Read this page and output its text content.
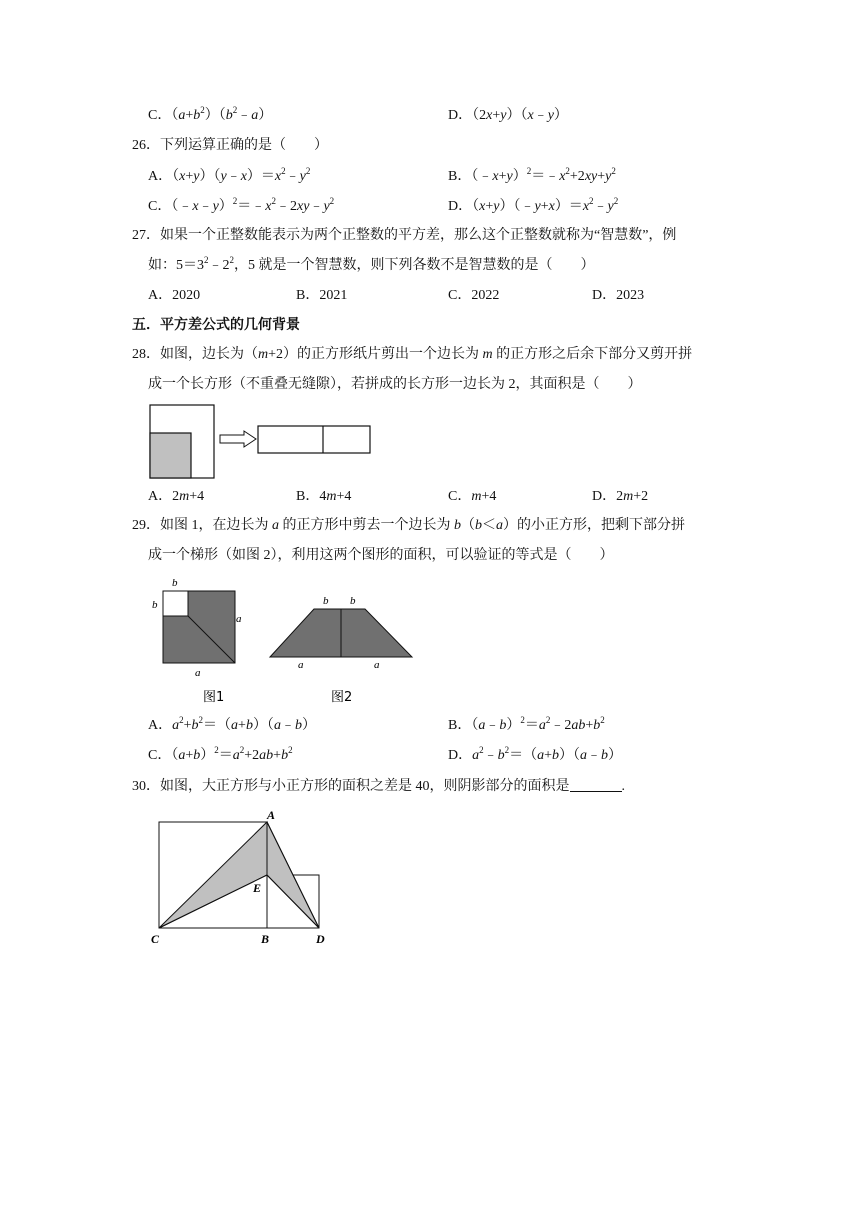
C．$(a+b^2)(b^2﹣a)$	D．（2x+y）（x﹣y）
26．下列运算正确的是（　　）
A．$(x+y)(y﹣x)=x^2﹣y^2$	B．$(﹣x+y)^2=﹣x^2+2xy+y^2$
C．$(﹣x﹣y)^2=﹣x^2﹣2xy﹣y^2$	D．$(x+y)(﹣y+x)=x^2﹣y^2$
27．如果一个正整数能表示为两个正整数的平方差，那么这个正整数就称为“智慧数”，例
如：$5=3^2﹣2^2$，5 就是一个智慧数，则下列各数不是智慧数的是（　　）
A．2020	B．2021	C．2022	D．2023
五．平方差公式的几何背景
28．如图，边长为（m+2）的正方形纸片剪出一个边长为 m 的正方形之后余下部分又剪开拼
成一个长方形（不重叠无缝隙），若拼成的长方形一边长为 2，其面积是（　　）
A．2m+4	B．4m+4	C．m+4	D．2m+2
29．如图 1，在边长为 a 的正方形中剪去一个边长为 b（b＜a）的小正方形，把剩下部分拼
成一个梯形（如图 2），利用这两个图形的面积，可以验证的等式是（　　）
b
b
a
a
图1
b b
a	a
图2
A．$a^2+b^2=(a+b)(a﹣b)$	B．$(a﹣b)^2=a^2﹣2ab+b^2$
C．$(a+b)^2=a^2+2ab+b^2$	D．$a^2﹣b^2=(a+b)(a﹣b)$
30．如图，大正方形与小正方形的面积之差是 40，则阴影部分的面积是	.
A
E
C	B	D
